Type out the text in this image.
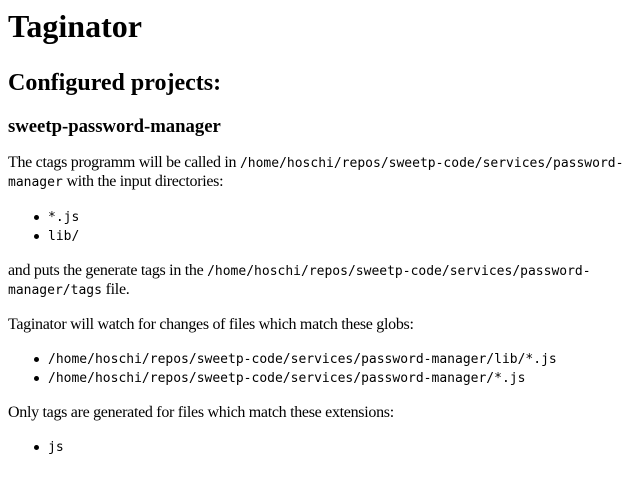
Taginator
Configured projects:
sweetp-password-manager

The ctags programm will be called in /home/hoschi/repos/sweetp-code/services/password-manager with the input directories:

*.js
lib/

and puts the generate tags in the /home/hoschi/repos/sweetp-code/services/password-manager/tags file.

Taginator will watch for changes of files which match these globs:

/home/hoschi/repos/sweetp-code/services/password-manager/lib/*.js
/home/hoschi/repos/sweetp-code/services/password-manager/*.js

Only tags are generated for files which match these extensions:

js
